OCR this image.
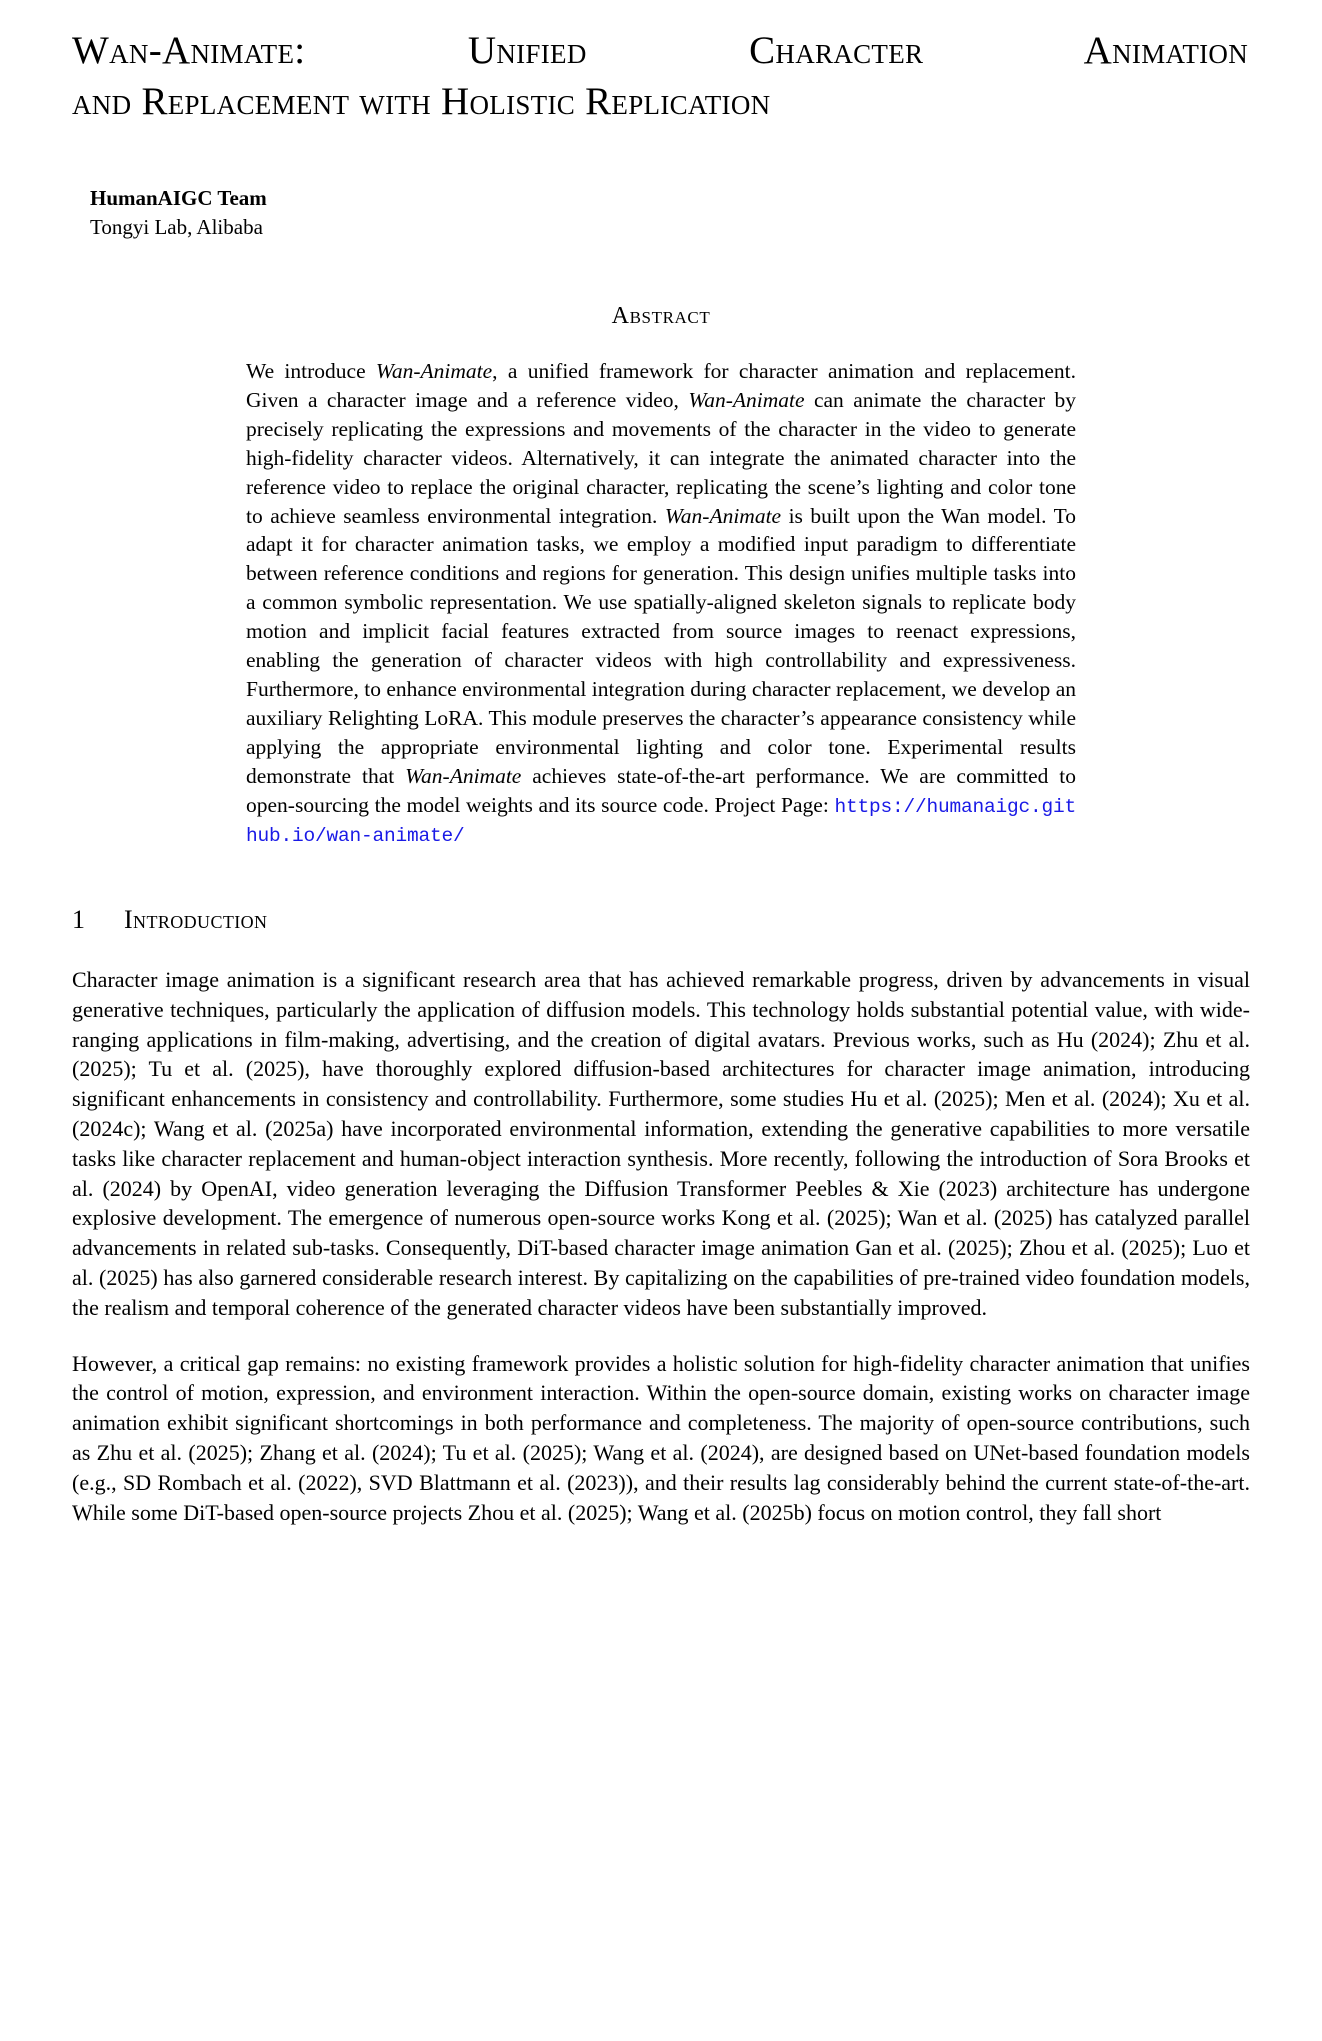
Wan-Animate: Unified Character Animation
and Replacement with Holistic Replication
HumanAIGC Team
Tongyi Lab, Alibaba
Abstract
We introduce Wan-Animate, a unified framework for character animation and replacement. Given a character image and a reference video, Wan-Animate can animate the character by precisely replicating the expressions and movements of the character in the video to generate high-fidelity character videos. Alternatively, it can integrate the animated character into the reference video to replace the original character, replicating the scene’s lighting and color tone to achieve seamless environmental integration. Wan-Animate is built upon the Wan model. To adapt it for character animation tasks, we employ a modified input paradigm to differentiate between reference conditions and regions for generation. This design unifies multiple tasks into a common symbolic representation. We use spatially-aligned skeleton signals to replicate body motion and implicit facial features extracted from source images to reenact expressions, enabling the generation of character videos with high controllability and expressiveness. Furthermore, to enhance environmental integration during character replacement, we develop an auxiliary Relighting LoRA. This module preserves the character’s appearance consistency while applying the appropriate environmental lighting and color tone. Experimental results demonstrate that Wan-Animate achieves state-of-the-art performance. We are committed to open-sourcing the model weights and its source code. Project Page: https://humanaigc.github.io/wan-animate/
1	Introduction

Character image animation is a significant research area that has achieved remarkable progress, driven by advancements in visual generative techniques, particularly the application of diffusion models. This technology holds substantial potential value, with wide-ranging applications in film-making, advertising, and the creation of digital avatars. Previous works, such as Hu (2024); Zhu et al. (2025); Tu et al. (2025), have thoroughly explored diffusion-based architectures for character image animation, introducing significant enhancements in consistency and controllability. Furthermore, some studies Hu et al. (2025); Men et al. (2024); Xu et al. (2024c); Wang et al. (2025a) have incorporated environmental information, extending the generative capabilities to more versatile tasks like character replacement and human-object interaction synthesis. More recently, following the introduction of Sora Brooks et al. (2024) by OpenAI, video generation leveraging the Diffusion Transformer Peebles & Xie (2023) architecture has undergone explosive development. The emergence of numerous open-source works Kong et al. (2025); Wan et al. (2025) has catalyzed parallel advancements in related sub-tasks. Consequently, DiT-based character image animation Gan et al. (2025); Zhou et al. (2025); Luo et al. (2025) has also garnered considerable research interest. By capitalizing on the capabilities of pre-trained video foundation models, the realism and temporal coherence of the generated character videos have been substantially improved.

However, a critical gap remains: no existing framework provides a holistic solution for high-fidelity character animation that unifies the control of motion, expression, and environment interaction. Within the open-source domain, existing works on character image animation exhibit significant shortcomings in both performance and completeness. The majority of open-source contributions, such as Zhu et al. (2025); Zhang et al. (2024); Tu et al. (2025); Wang et al. (2024), are designed based on UNet-based foundation models (e.g., SD Rombach et al. (2022), SVD Blattmann et al. (2023)), and their results lag considerably behind the current state-of-the-art. While some DiT-based open-source projects Zhou et al. (2025); Wang et al. (2025b) focus on motion control, they fall short
